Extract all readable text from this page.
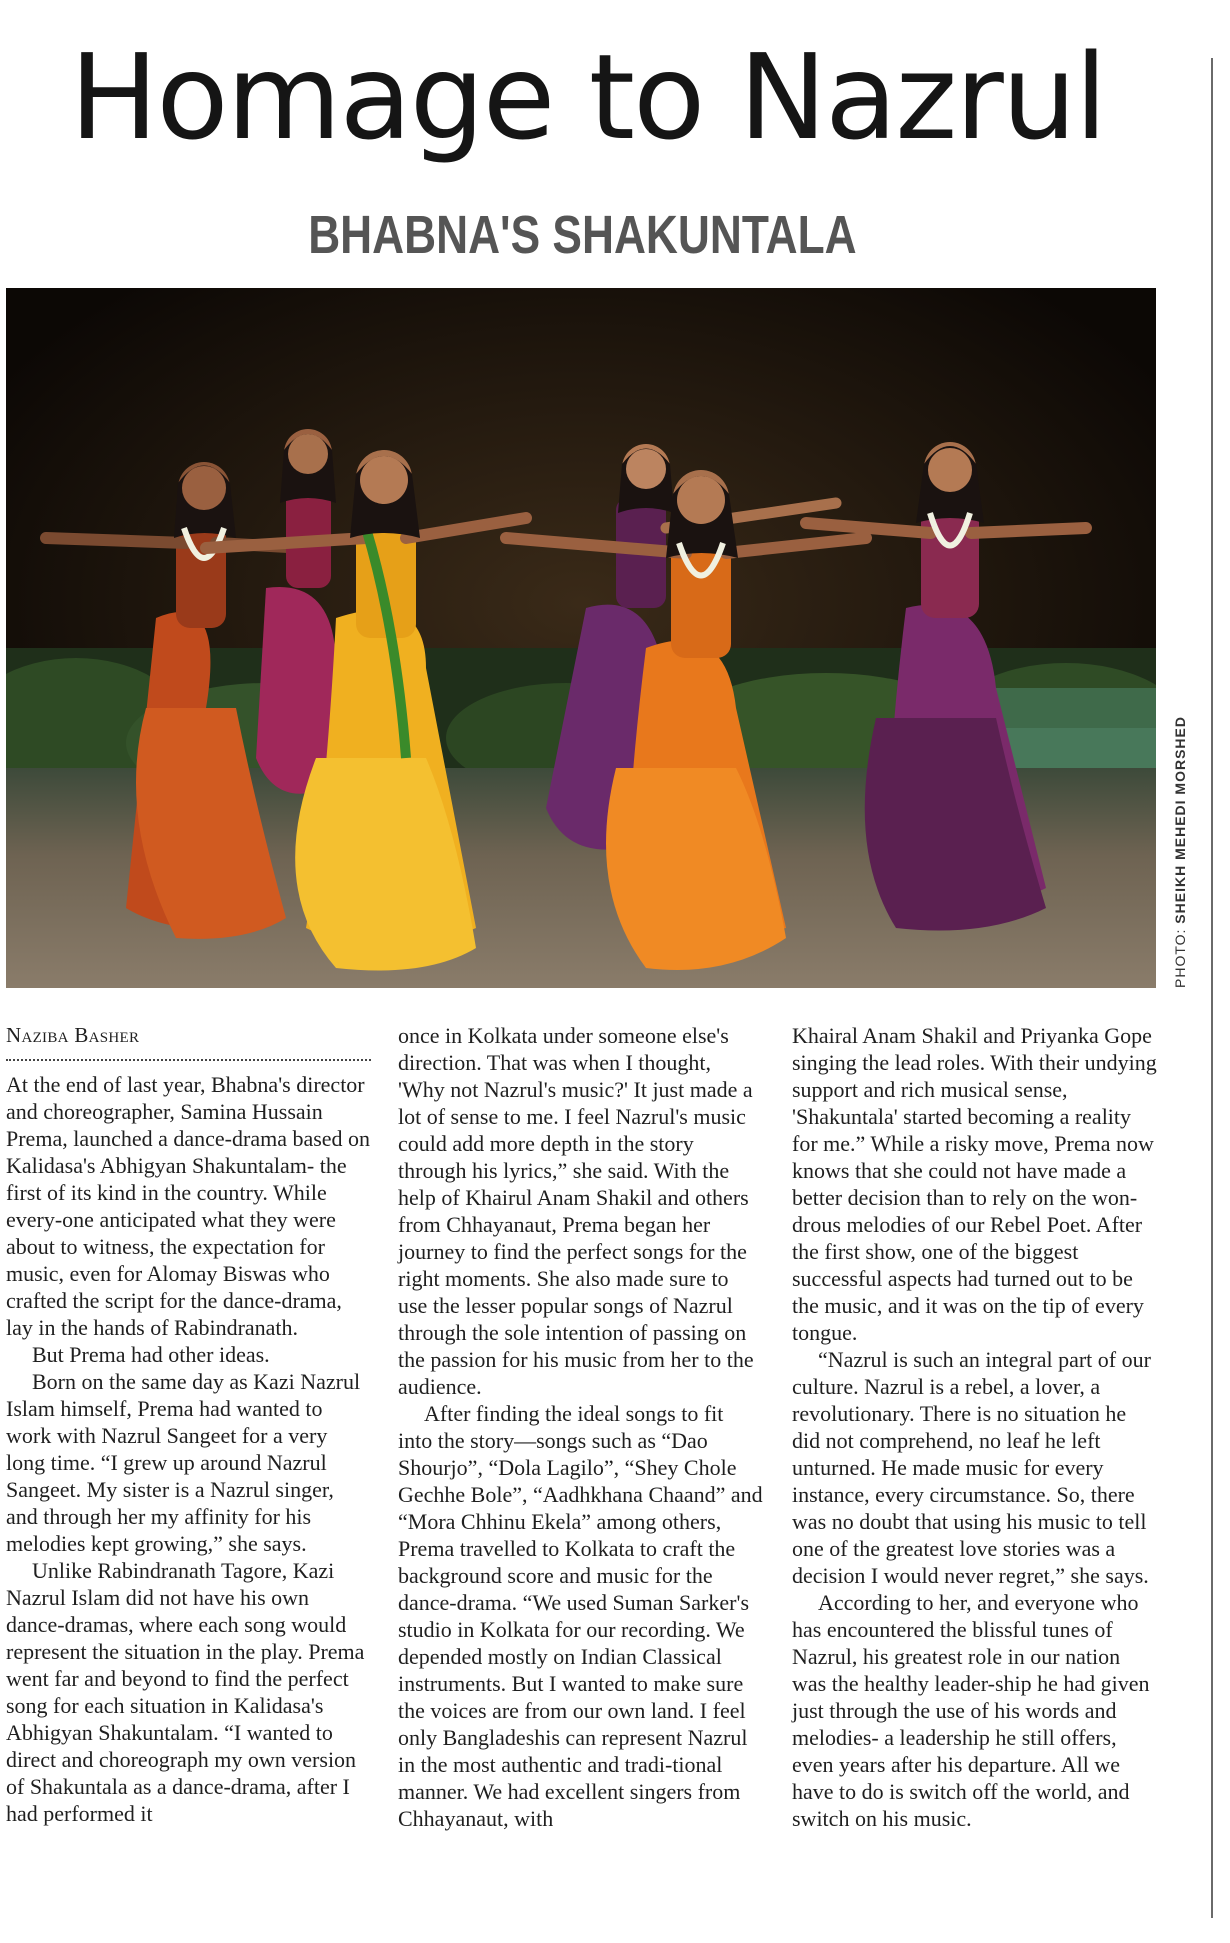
Homage to Nazrul
BHABNA'S SHAKUNTALA
PHOTO: SHEIKH MEHEDI MORSHED
Naziba Basher

At the end of last year, Bhabna's director and choreographer, Samina Hussain Prema, launched a dance-drama based on Kalidasa's Abhigyan Shakuntalam- the first of its kind in the country. While every-one anticipated what they were about to witness, the expectation for music, even for Alomay Biswas who crafted the script for the dance-drama, lay in the hands of Rabindranath.

But Prema had other ideas.

Born on the same day as Kazi Nazrul Islam himself, Prema had wanted to work with Nazrul Sangeet for a very long time. “I grew up around Nazrul Sangeet. My sister is a Nazrul singer, and through her my affinity for his melodies kept growing,” she says.

Unlike Rabindranath Tagore, Kazi Nazrul Islam did not have his own dance-dramas, where each song would represent the situation in the play. Prema went far and beyond to find the perfect song for each situation in Kalidasa's Abhigyan Shakuntalam. “I wanted to direct and choreograph my own version of Shakuntala as a dance-drama, after I had performed it

once in Kolkata under someone else's direction. That was when I thought, 'Why not Nazrul's music?' It just made a lot of sense to me. I feel Nazrul's music could add more depth in the story through his lyrics,” she said. With the help of Khairul Anam Shakil and others from Chhayanaut, Prema began her journey to find the perfect songs for the right moments. She also made sure to use the lesser popular songs of Nazrul through the sole intention of passing on the passion for his music from her to the audience.

After finding the ideal songs to fit into the story—songs such as “Dao Shourjo”, “Dola Lagilo”, “Shey Chole Gechhe Bole”, “Aadhkhana Chaand” and “Mora Chhinu Ekela” among others, Prema travelled to Kolkata to craft the background score and music for the dance-drama. “We used Suman Sarker's studio in Kolkata for our recording. We depended mostly on Indian Classical instruments. But I wanted to make sure the voices are from our own land. I feel only Bangladeshis can represent Nazrul in the most authentic and tradi-tional manner. We had excellent singers from Chhayanaut, with

Khairal Anam Shakil and Priyanka Gope singing the lead roles. With their undying support and rich musical sense, 'Shakuntala' started becoming a reality for me.” While a risky move, Prema now knows that she could not have made a better decision than to rely on the won-drous melodies of our Rebel Poet. After the first show, one of the biggest successful aspects had turned out to be the music, and it was on the tip of every tongue.

“Nazrul is such an integral part of our culture. Nazrul is a rebel, a lover, a revolutionary. There is no situation he did not comprehend, no leaf he left unturned. He made music for every instance, every circumstance. So, there was no doubt that using his music to tell one of the greatest love stories was a decision I would never regret,” she says.

According to her, and everyone who has encountered the blissful tunes of Nazrul, his greatest role in our nation was the healthy leader-ship he had given just through the use of his words and melodies- a leadership he still offers, even years after his departure. All we have to do is switch off the world, and switch on his music.
